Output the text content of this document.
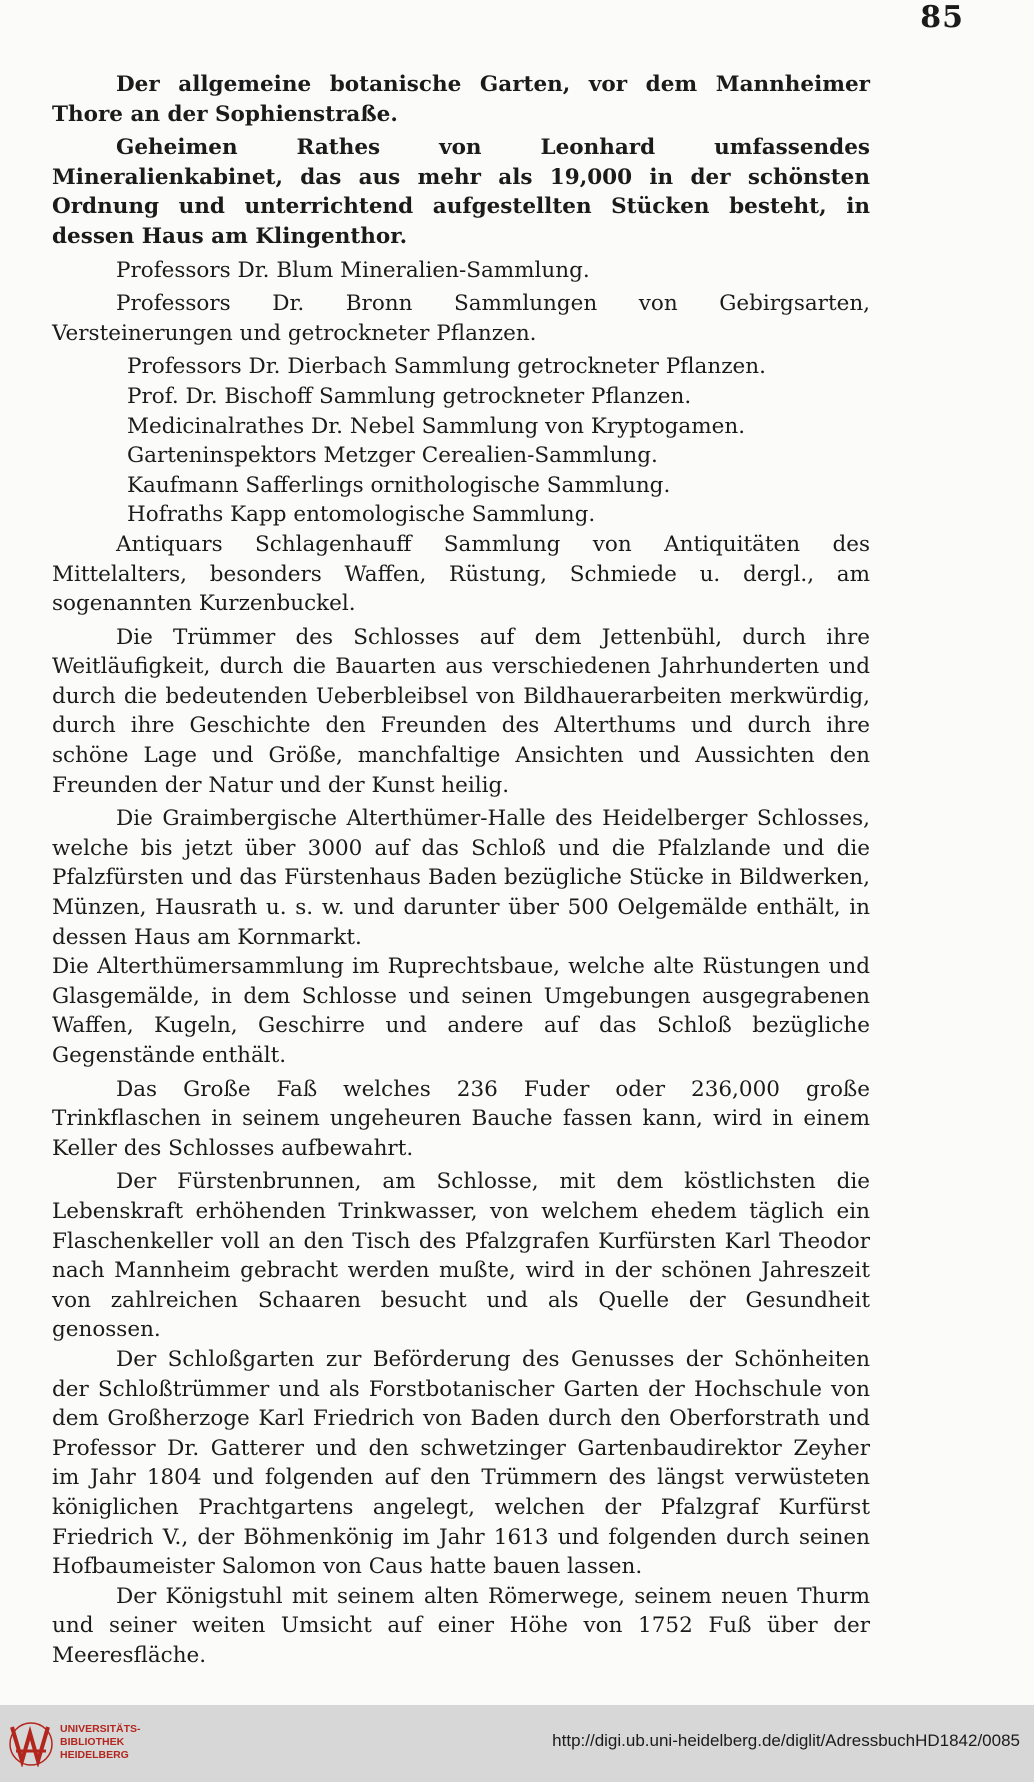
85

Der allgemeine botanische Garten, vor dem Mannheimer Thore an der Sophienstraße.

Geheimen Rathes von Leonhard umfassendes Mineralienkabinet, das aus mehr als 19,000 in der schönsten Ordnung und unterrichtend aufgestellten Stücken besteht, in dessen Haus am Klingenthor.

Professors Dr. Blum Mineralien-Sammlung.

Professors Dr. Bronn Sammlungen von Gebirgsarten, Versteinerungen und getrockneter Pflanzen.

Professors Dr. Dierbach Sammlung getrockneter Pflanzen.

Prof. Dr. Bischoff Sammlung getrockneter Pflanzen.

Medicinalrathes Dr. Nebel Sammlung von Kryptogamen.

Garteninspektors Metzger Cerealien-Sammlung.

Kaufmann Safferlings ornithologische Sammlung.

Hofraths Kapp entomologische Sammlung.

Antiquars Schlagenhauff Sammlung von Antiquitäten des Mittelalters, besonders Waffen, Rüstung, Schmiede u. dergl., am sogenannten Kurzenbuckel.

Die Trümmer des Schlosses auf dem Jettenbühl, durch ihre Weitläufigkeit, durch die Bauarten aus verschiedenen Jahrhunderten und durch die bedeutenden Ueberbleibsel von Bildhauerarbeiten merkwürdig, durch ihre Geschichte den Freunden des Alterthums und durch ihre schöne Lage und Größe, manchfaltige Ansichten und Aussichten den Freunden der Natur und der Kunst heilig.

Die Graimbergische Alterthümer-Halle des Heidelberger Schlosses, welche bis jetzt über 3000 auf das Schloß und die Pfalzlande und die Pfalzfürsten und das Fürstenhaus Baden bezügliche Stücke in Bildwerken, Münzen, Hausrath u. s. w. und darunter über 500 Oelgemälde enthält, in dessen Haus am Kornmarkt.

Die Alterthümersammlung im Ruprechtsbaue, welche alte Rüstungen und Glasgemälde, in dem Schlosse und seinen Umgebungen ausgegrabenen Waffen, Kugeln, Geschirre und andere auf das Schloß bezügliche Gegenstände enthält.

Das Große Faß welches 236 Fuder oder 236,000 große Trinkflaschen in seinem ungeheuren Bauche fassen kann, wird in einem Keller des Schlosses aufbewahrt.

Der Fürstenbrunnen, am Schlosse, mit dem köstlichsten die Lebenskraft erhöhenden Trinkwasser, von welchem ehedem täglich ein Flaschenkeller voll an den Tisch des Pfalzgrafen Kurfürsten Karl Theodor nach Mannheim gebracht werden mußte, wird in der schönen Jahreszeit von zahlreichen Schaaren besucht und als Quelle der Gesundheit genossen.

Der Schloßgarten zur Beförderung des Genusses der Schönheiten der Schloßtrümmer und als Forstbotanischer Garten der Hochschule von dem Großherzoge Karl Friedrich von Baden durch den Oberforstrath und Professor Dr. Gatterer und den schwetzinger Gartenbaudirektor Zeyher im Jahr 1804 und folgenden auf den Trümmern des längst verwüsteten königlichen Prachtgartens angelegt, welchen der Pfalzgraf Kurfürst Friedrich V., der Böhmenkönig im Jahr 1613 und folgenden durch seinen Hofbaumeister Salomon von Caus hatte bauen lassen.

Der Königstuhl mit seinem alten Römerwege, seinem neuen Thurm und seiner weiten Umsicht auf einer Höhe von 1752 Fuß über der Meeresfläche.

UNIVERSITÄTS-
BIBLIOTHEK
HEIDELBERG
http://digi.ub.uni-heidelberg.de/diglit/AdressbuchHD1842/0085
